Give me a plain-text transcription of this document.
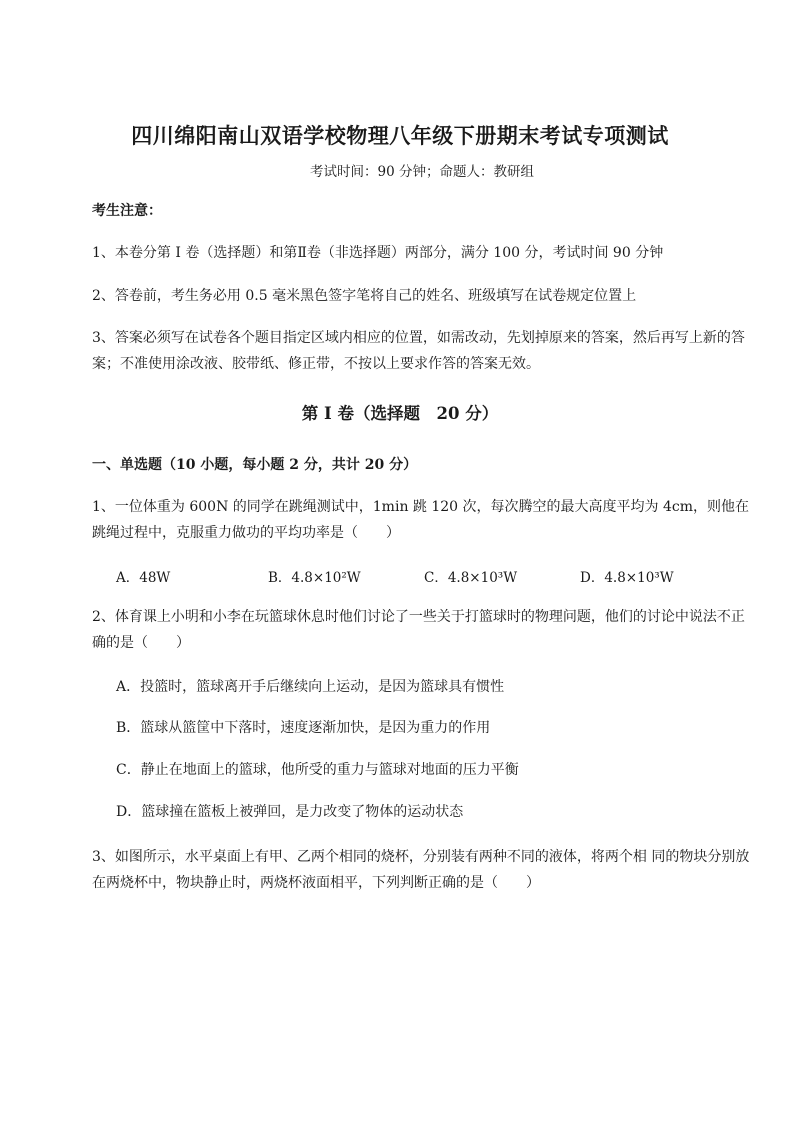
四川绵阳南山双语学校物理八年级下册期末考试专项测试
考试时间：90 分钟；命题人：教研组
考生注意：
1、本卷分第 I 卷（选择题）和第Ⅱ卷（非选择题）两部分，满分 100 分，考试时间 90 分钟
2、答卷前，考生务必用 0.5 毫米黑色签字笔将自己的姓名、班级填写在试卷规定位置上
3、答案必须写在试卷各个题目指定区域内相应的位置，如需改动，先划掉原来的答案，然后再写上新的答案；不准使用涂改液、胶带纸、修正带，不按以上要求作答的答案无效。
第 I 卷（选择题　20 分）
一、单选题（10 小题，每小题 2 分，共计 20 分）
1、一位体重为 600N 的同学在跳绳测试中，1min 跳 120 次，每次腾空的最大高度平均为 4cm，则他在跳绳过程中，克服重力做功的平均功率是（　　）
A．48W	B．4.8×10²W	C．4.8×10³W	D．4.8×10³W
2、体育课上小明和小李在玩篮球休息时他们讨论了一些关于打篮球时的物理问题，他们的讨论中说法不正确的是（　　）
A．投篮时，篮球离开手后继续向上运动，是因为篮球具有惯性
B．篮球从篮筐中下落时，速度逐渐加快，是因为重力的作用
C．静止在地面上的篮球，他所受的重力与篮球对地面的压力平衡
D．篮球撞在篮板上被弹回，是力改变了物体的运动状态
3、如图所示，水平桌面上有甲、乙两个相同的烧杯，分别装有两种不同的液体，将两个相 同的物块分别放在两烧杯中，物块静止时，两烧杯液面相平，下列判断正确的是（　　）
